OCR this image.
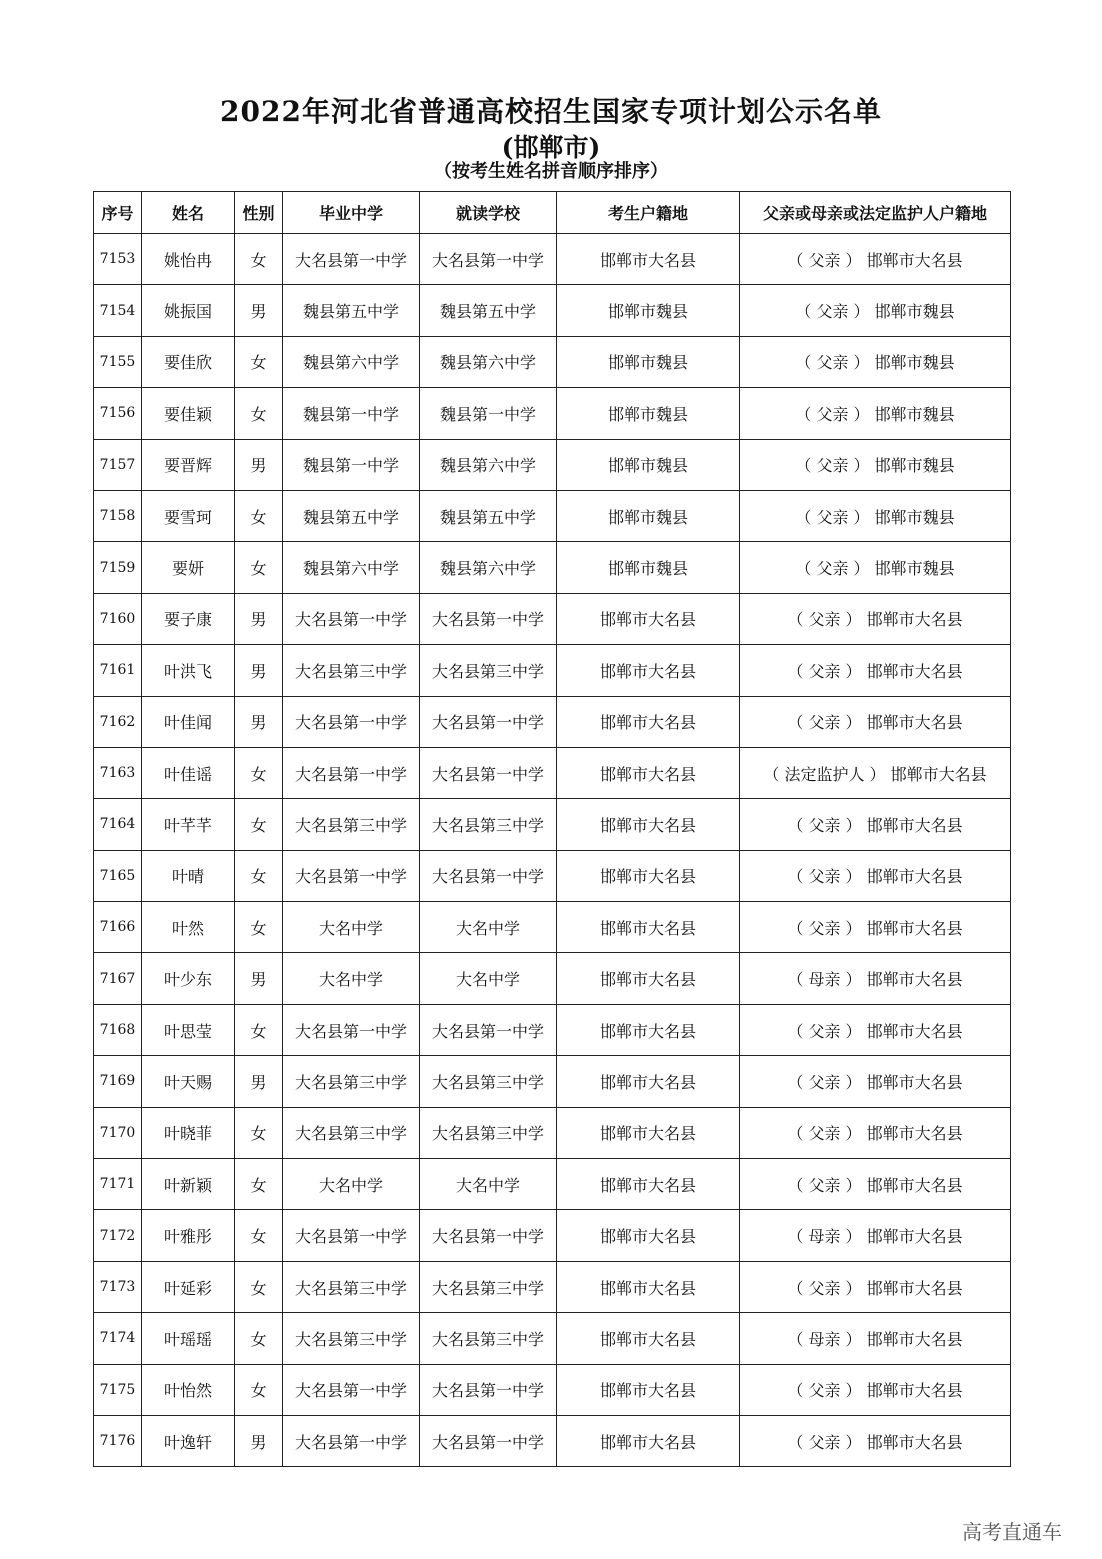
2022年河北省普通高校招生国家专项计划公示名单
(邯郸市)
（按考生姓名拼音顺序排序）
序号	姓名	性别	毕业中学	就读学校	考生户籍地	父亲或母亲或法定监护人户籍地
7153	姚怡冉	女	大名县第一中学	大名县第一中学	邯郸市大名县	（ 父亲 ） 邯郸市大名县
7154	姚振国	男	魏县第五中学	魏县第五中学	邯郸市魏县	（ 父亲 ） 邯郸市魏县
7155	要佳欣	女	魏县第六中学	魏县第六中学	邯郸市魏县	（ 父亲 ） 邯郸市魏县
7156	要佳颖	女	魏县第一中学	魏县第一中学	邯郸市魏县	（ 父亲 ） 邯郸市魏县
7157	要晋辉	男	魏县第一中学	魏县第六中学	邯郸市魏县	（ 父亲 ） 邯郸市魏县
7158	要雪珂	女	魏县第五中学	魏县第五中学	邯郸市魏县	（ 父亲 ） 邯郸市魏县
7159	要妍	女	魏县第六中学	魏县第六中学	邯郸市魏县	（ 父亲 ） 邯郸市魏县
7160	要子康	男	大名县第一中学	大名县第一中学	邯郸市大名县	（ 父亲 ） 邯郸市大名县
7161	叶洪飞	男	大名县第三中学	大名县第三中学	邯郸市大名县	（ 父亲 ） 邯郸市大名县
7162	叶佳闻	男	大名县第一中学	大名县第一中学	邯郸市大名县	（ 父亲 ） 邯郸市大名县
7163	叶佳谣	女	大名县第一中学	大名县第一中学	邯郸市大名县	（ 法定监护人 ） 邯郸市大名县
7164	叶芊芊	女	大名县第三中学	大名县第三中学	邯郸市大名县	（ 父亲 ） 邯郸市大名县
7165	叶晴	女	大名县第一中学	大名县第一中学	邯郸市大名县	（ 父亲 ） 邯郸市大名县
7166	叶然	女	大名中学	大名中学	邯郸市大名县	（ 父亲 ） 邯郸市大名县
7167	叶少东	男	大名中学	大名中学	邯郸市大名县	（ 母亲 ） 邯郸市大名县
7168	叶思莹	女	大名县第一中学	大名县第一中学	邯郸市大名县	（ 父亲 ） 邯郸市大名县
7169	叶天赐	男	大名县第三中学	大名县第三中学	邯郸市大名县	（ 父亲 ） 邯郸市大名县
7170	叶晓菲	女	大名县第三中学	大名县第三中学	邯郸市大名县	（ 父亲 ） 邯郸市大名县
7171	叶新颖	女	大名中学	大名中学	邯郸市大名县	（ 父亲 ） 邯郸市大名县
7172	叶雅彤	女	大名县第一中学	大名县第一中学	邯郸市大名县	（ 母亲 ） 邯郸市大名县
7173	叶延彩	女	大名县第三中学	大名县第三中学	邯郸市大名县	（ 父亲 ） 邯郸市大名县
7174	叶瑶瑶	女	大名县第三中学	大名县第三中学	邯郸市大名县	（ 母亲 ） 邯郸市大名县
7175	叶怡然	女	大名县第一中学	大名县第一中学	邯郸市大名县	（ 父亲 ） 邯郸市大名县
7176	叶逸轩	男	大名县第一中学	大名县第一中学	邯郸市大名县	（ 父亲 ） 邯郸市大名县
高考直通车
